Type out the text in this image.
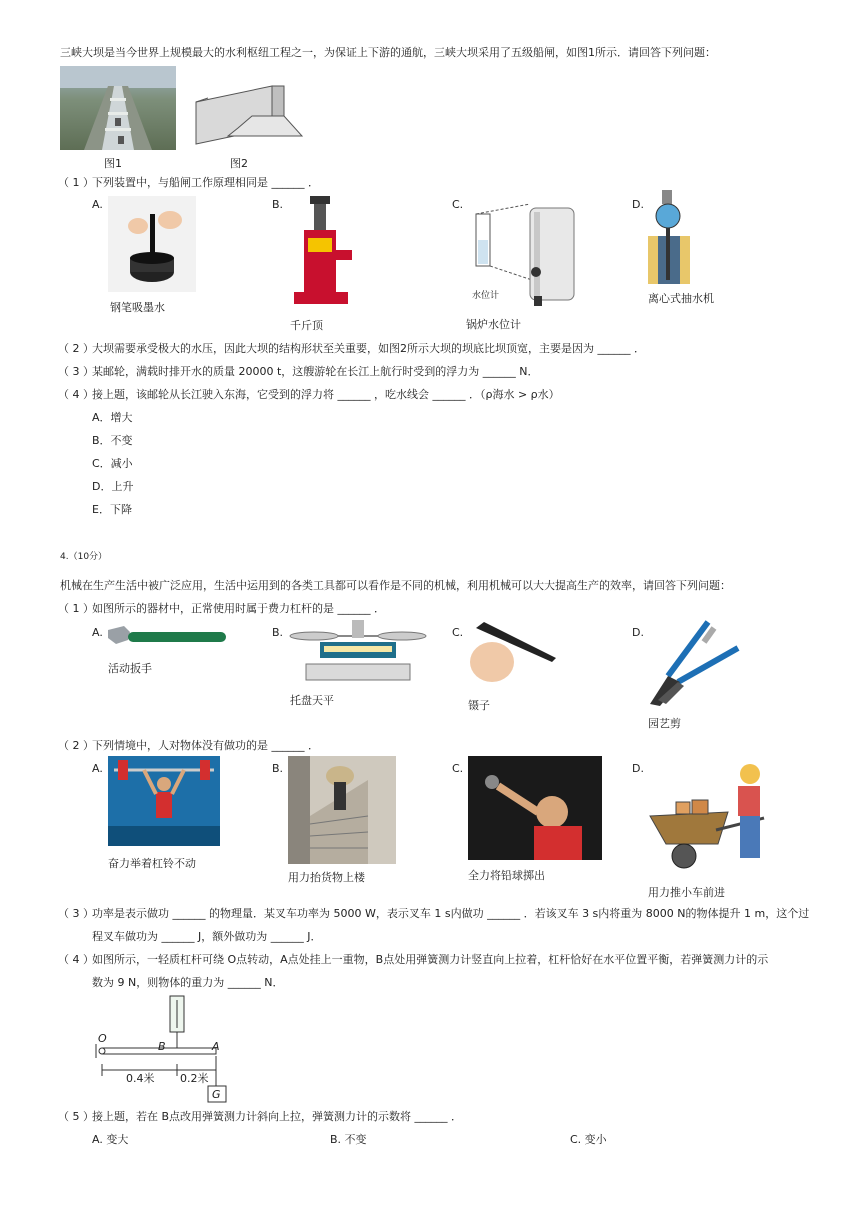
三峡大坝是当今世界上规模最大的水利枢纽工程之一，为保证上下游的通航，三峡大坝采用了五级船闸，如图1所示．请回答下列问题：
图1	图2
（ 1 ）
下列装置中，与船闸工作原理相同是 ______ ．
A.
钢笔吸墨水
B.
千斤顶
C.
水位计
锅炉水位计
D.
离心式抽水机
（ 2 ）
大坝需要承受极大的水压，因此大坝的结构形状至关重要，如图2所示大坝的坝底比坝顶宽，主要是因为 ______ ．
（ 3 ）
某邮轮，满载时排开水的质量 20000 t，这艘游轮在长江上航行时受到的浮力为 ______ N．
（ 4 ）
接上题，该邮轮从长江驶入东海，它受到的浮力将 ______ ，吃水线会 ______ ．（ρ海水 > ρ水）
A．增大
B．不变
C．减小
D．上升
E．下降
4.（10分）
机械在生产生活中被广泛应用，生活中运用到的各类工具都可以看作是不同的机械，利用机械可以大大提高生产的效率，请回答下列问题：
（ 1 ）
如图所示的器材中，正常使用时属于费力杠杆的是 ______ ．
A.
活动扳手
B.
托盘天平
C.
镊子
D.
园艺剪
（ 2 ）
下列情境中，人对物体没有做功的是 ______ ．
A.
奋力举着杠铃不动
B.
用力抬货物上楼
C.
全力将铅球掷出
D.
用力推小车前进
（ 3 ）
功率是表示做功 ______ 的物理量．某叉车功率为 5000 W，表示叉车 1 s内做功 ______ ．若该叉车 3 s内将重为 8000 N的物体提升 1 m，这个过
程叉车做功为 ______ J，额外做功为 ______ J．
（ 4 ）
如图所示，一轻质杠杆可绕 O点转动，A点处挂上一重物，B点处用弹簧测力计竖直向上拉着，杠杆恰好在水平位置平衡，若弹簧测力计的示
数为 9 N，则物体的重力为 ______ N．
O
B	A
0.4米 0.2米
G
（ 5 ）
接上题，若在 B点改用弹簧测力计斜向上拉，弹簧测力计的示数将 ______ ．
A. 变大	B. 不变	C. 变小
